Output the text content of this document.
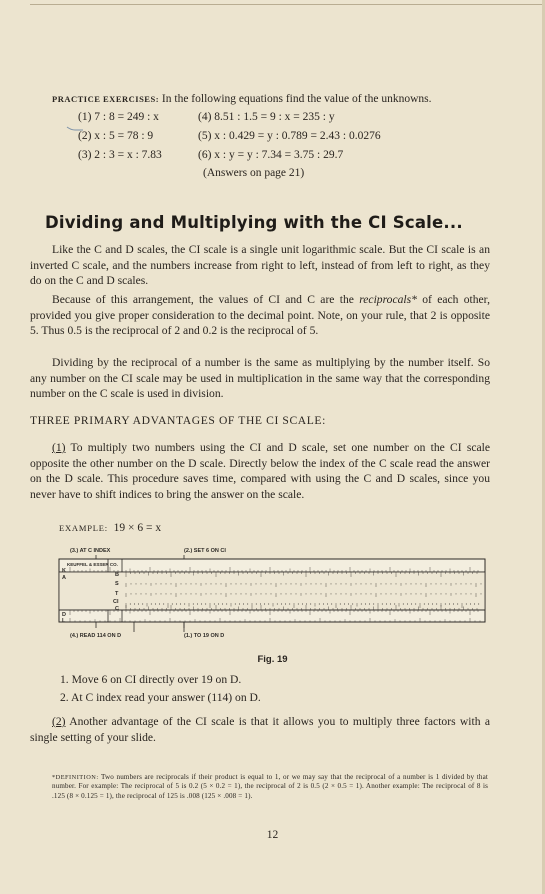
PRACTICE EXERCISES: In the following equations find the value of the unknowns.
(1) 7 : 8 = 249 : x
(2) x : 5 = 78 : 9
(3) 2 : 3 = x : 7.83
(4) 8.51 : 1.5 = 9 : x = 235 : y
(5) x : 0.429 = y : 0.789 = 2.43 : 0.0276
(6) x : y = y : 7.34 = 3.75 : 29.7
(Answers on page 21)
Dividing and Multiplying with the CI Scale...
Like the C and D scales, the CI scale is a single unit logarithmic scale. But the CI scale is an inverted C scale, and the numbers increase from right to left, instead of from left to right, as they do on the C and D scales.
Because of this arrangement, the values of CI and C are the reciprocals* of each other, provided you give proper consideration to the decimal point. Note, on your rule, that 2 is opposite 5. Thus 0.5 is the reciprocal of 2 and 0.2 is the reciprocal of 5.
Dividing by the reciprocal of a number is the same as multiplying by the number itself. So any number on the CI scale may be used in multiplication in the same way that the corresponding number on the C scale is used in division.
THREE PRIMARY ADVANTAGES OF THE CI SCALE:
(1) To multiply two numbers using the CI and D scale, set one number on the CI scale opposite the other number on the D scale. Directly below the index of the C scale read the answer on the D scale. This procedure saves time, compared with using the C and D scales, since you never have to shift indices to bring the answer on the scale.
EXAMPLE: 19 × 6 = x
(3.) AT C INDEX	(2.) SET 6 ON CI
KEUFFEL & ESSER CO.
(4.) READ 114 ON D	(1.) TO 19 ON D
K
A	B
S
T
CI
C
D
L
Fig. 19
1. Move 6 on CI directly over 19 on D.
2. At C index read your answer (114) on D.
(2) Another advantage of the CI scale is that it allows you to multiply three factors with a single setting of your slide.
*DEFINITION: Two numbers are reciprocals if their product is equal to 1, or we may say that the reciprocal of a number is 1 divided by that number. For example: The reciprocal of 5 is 0.2 (5 × 0.2 = 1), the reciprocal of 2 is 0.5 (2 × 0.5 = 1). Another example: The reciprocal of 8 is .125 (8 × 0.125 = 1), the reciprocal of 125 is .008 (125 × .008 = 1).
12
